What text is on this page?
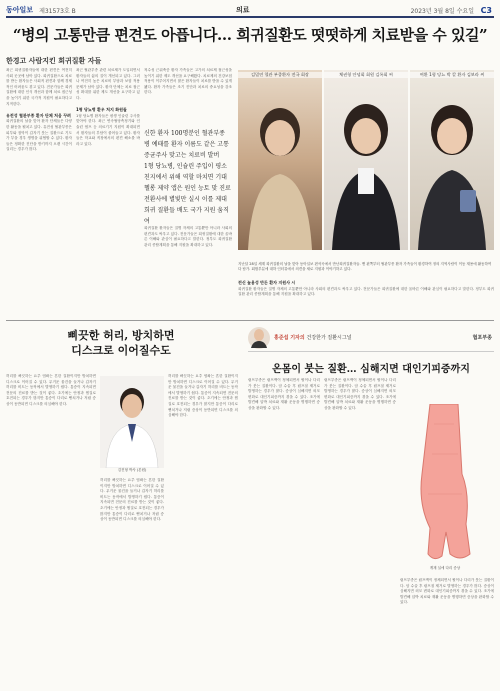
동아일보 제31573호 B	의료	2023년 3월 8일 수요일 C3
“병의 고통만큼 편견도 아픕니다… 희귀질환도 떳떳하게 치료받을 수 있길”
한경고 사람지킨 희귀질환 자들
최근 희귀질환자들에 대한 편견은 여전히 사회 곳곳에 남아 있다. 희귀질환으로 치료를 받는 환자들은 사회적 편견과 함께 경제적인 어려움도 겪고 있다. 전문가들은 희귀질환에 대한 인식 개선과 함께 치료 접근성을 높이기 위한 국가적 지원이 필요하다고 지적한다.

유전성 혈관부종 환자 단체 처음 꾸려
희귀질환의 날을 맞아 환자 단체들은 다양한 활동을 펼치고 있다. 유전성 혈관부종은 피부와 점막이 갑자기 붓는 질환으로 기도가 부을 경우 생명을 위협할 수 있다. 환자들은 정확한 진단을 받기까지 오랜 시간이 걸리는 경우가 많다.
최근 혈관부종 관련 치료제가 도입되면서 환자들의 삶의 질이 개선되고 있다. 그러나 여전히 높은 치료비 부담과 보험 적용 문제가 남아 있다. 환자 단체는 치료 접근성 확대를 위한 제도 개선을 요구하고 있다.

1형 당뇨병 환우 처지 화원들
1형 당뇨병 환자들은 평생 인슐린 주사를 맞아야 한다. 최근 연속혈당측정기와 인슐린 펌프 등 의료기기 지원이 확대되면서 환자들의 부담이 줄어들고 있다. 환자들은 학교와 직장에서의 편견 해소를 바라고 있다.
척수성 근위축증 환자 가족들은 고가의 치료제 접근성을 높이기 위한 제도 개선을 요구해왔다. 치료제의 건강보험 적용이 이루어지면서 많은 환자들이 치료를 받을 수 있게 됐다. 환자 가족들은 조기 진단과 치료의 중요성을 강조한다.
신한 환자 100명분인 혈관부종
병 예태를 환자 이름도 같은 고통
증균주사 맞고는 치료비 발버
1형 당뇨병, 인슐린 주입이 평소
친지에서 위해 역할 마치면 기대
헬롱 제약 앱은 원인 능토 맞 진료
전환사에 별빛만 실시 이를 제대
희귀 질환들 배도 국가 지원 움직여
희귀질환 환자들은 질병 자체의 고통뿐만 아니라 사회의 편견과도 싸우고 있다. 전문가들은 희귀질환에 대한 올바른 이해와 관심이 필요하다고 말한다. 정부도 희귀질환 관리 종합계획을 통해 지원을 확대하고 있다.
김밀연 혈관 부종환자 전국 회장	체권형 안녕회 회원 김록회 씨	여환 1형 당뇨 박 칼 환자 김보라 씨
지난달 28일 세계 희귀질환의 날을 맞아 동아일보 편석곡에서 만난희귀질환자들. 맨 왼쪽부터 혈관부종 환자 가족들이 환경하여 정의 지역사람이 이동 재용에 활동하여 다 탐가. 회합부분에 대하 인터뷰에서 의견을 새로 지원과 이야기하고 있다.
전신 높용성 만든 환자 지원사 시
희귀질환 환자들은 질병 자체의 고통뿐만 아니라 사회의 편견과도 싸우고 있다. 전문가들은 희귀질환에 대한 올바른 이해와 관심이 필요하다고 말한다. 정부도 희귀질환 관리 종합계획을 통해 지원을 확대하고 있다.
삐끗한 허리, 방치하면
디스크로 이어질수도
허리를 삐끗하는 요추 염좌는 흔한 질환이지만 방치하면 디스크로 이어질 수 있다. 무거운 물건을 들거나 갑자기 허리를 비트는 동작에서 발생하기 쉽다. 통증이 지속되면 전문의 진료를 받는 것이 좋다. 초기에는 안정과 찜질로 호전되는 경우가 많지만 통증이 다리로 뻗치거나 저림 증상이 동반되면 디스크를 의심해야 한다.
김진형 박사 (본원)
허리를 삐끗하는 요추 염좌는 흔한 질환이지만 방치하면 디스크로 이어질 수 있다. 무거운 물건을 들거나 갑자기 허리를 비트는 동작에서 발생하기 쉽다. 통증이 지속되면 전문의 진료를 받는 것이 좋다. 초기에는 안정과 찜질로 호전되는 경우가 많지만 통증이 다리로 뻗치거나 저림 증상이 동반되면 디스크를 의심해야 한다.
허리를 삐끗하는 요추 염좌는 흔한 질환이지만 방치하면 디스크로 이어질 수 있다. 무거운 물건을 들거나 갑자기 허리를 비트는 동작에서 발생하기 쉽다. 통증이 지속되면 전문의 진료를 받는 것이 좋다. 초기에는 안정과 찜질로 호전되는 경우가 많지만 통증이 다리로 뻗치거나 저림 증상이 동반되면 디스크를 의심해야 한다.
홍준섭 기자의 건강한가 질환시그널	협포부종
온몸이 붓는 질환… 심해지면 대인기피증까지
림프부종은 림프액이 정체되면서 팔이나 다리가 붓는 질환이다. 암 수술 후 림프절 제거로 발생하는 경우가 많다. 증상이 심해지면 외모 변화로 대인기피증까지 겪을 수 있다. 조기에 발견해 압박 치료와 재활 운동을 병행하면 증상을 완화할 수 있다.
림프부종은 림프액이 정체되면서 팔이나 다리가 붓는 질환이다. 암 수술 후 림프절 제거로 발생하는 경우가 많다. 증상이 심해지면 외모 변화로 대인기피증까지 겪을 수 있다. 조기에 발견해 압박 치료와 재활 운동을 병행하면 증상을 완화할 수 있다.
게재 실에 다리 증상
림프부종은 림프액이 정체되면서 팔이나 다리가 붓는 질환이다. 암 수술 후 림프절 제거로 발생하는 경우가 많다. 증상이 심해지면 외모 변화로 대인기피증까지 겪을 수 있다. 조기에 발견해 압박 치료와 재활 운동을 병행하면 증상을 완화할 수 있다.
